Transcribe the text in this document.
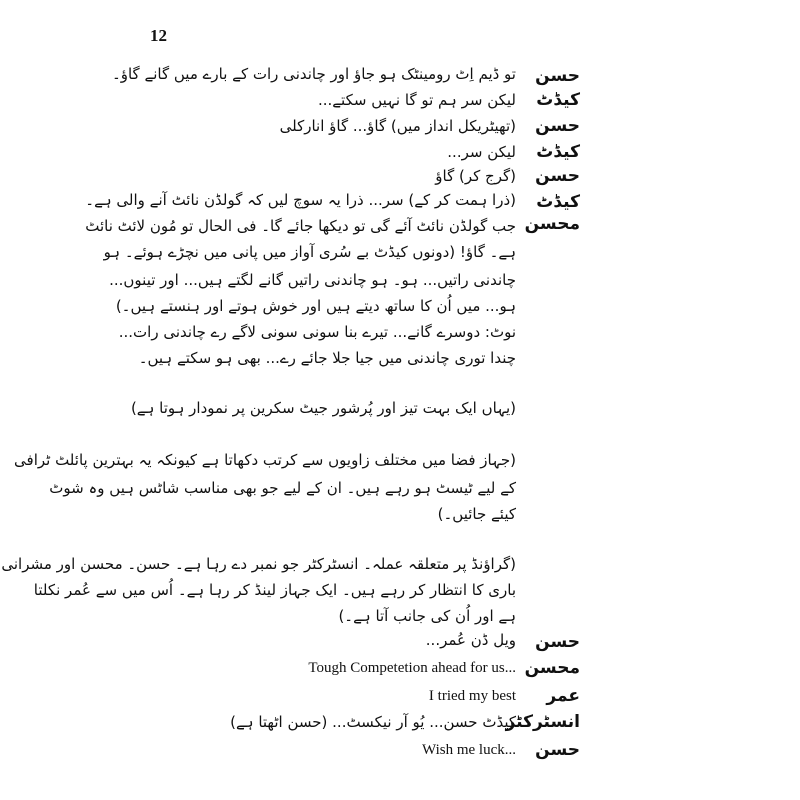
12
حسن
تو ڈیم اِٹ رومینٹک ہو جاؤ اور چاندنی رات کے بارے میں گانے گاؤ۔
کیڈٹ
لیکن سر ہم تو گا نہیں سکتے...
حسن
(تھیٹریکل انداز میں) گاؤ... گاؤ انارکلی
کیڈٹ
لیکن سر...
حسن
(گرج کر) گاؤ
کیڈٹ
(ذرا ہمت کر کے) سر... ذرا یہ سوچ لیں کہ گولڈن نائٹ آنے والی ہے۔
محسن
جب گولڈن نائٹ آئے گی تو دیکھا جائے گا۔ فی الحال تو مُون لائٹ نائٹ
ہے۔ گاؤ! (دونوں کیڈٹ بے سُری آواز میں پانی میں نچڑے ہوئے۔ ہو
چاندنی راتیں... ہو۔ ہو چاندنی راتیں گانے لگتے ہیں... اور تینوں...
ہو... میں اُن کا ساتھ دیتے ہیں اور خوش ہوتے اور ہنستے ہیں۔)
نوٹ: دوسرے گانے... تیرے بنا سونی سونی لاگے رے چاندنی رات...
چندا توری چاندنی میں جیا جلا جائے رے... بھی ہو سکتے ہیں۔
(یہاں ایک بہت تیز اور پُرشور جیٹ سکرین پر نمودار ہوتا ہے)
(جہاز فضا میں مختلف زاویوں سے کرتب دکھاتا ہے کیونکہ یہ بہترین پائلٹ ٹرافی
کے لیے ٹیسٹ ہو رہے ہیں۔ ان کے لیے جو بھی مناسب شاٹس ہیں وہ شوٹ
کیئے جائیں۔)
(گراؤنڈ پر متعلقہ عملہ۔ انسٹرکٹر جو نمبر دے رہا ہے۔ حسن۔ محسن اور مشرانی
باری کا انتظار کر رہے ہیں۔ ایک جہاز لینڈ کر رہا ہے۔ اُس میں سے عُمر نکلتا
ہے اور اُن کی جانب آتا ہے۔)
حسن
ویل ڈن عُمر...
محسن
Tough Competetion ahead for us...
عمر
I tried my best
انسٹرکٹر
کیڈٹ حسن... یُو آر نیکسٹ... (حسن اٹھتا ہے)
حسن
Wish me luck...
